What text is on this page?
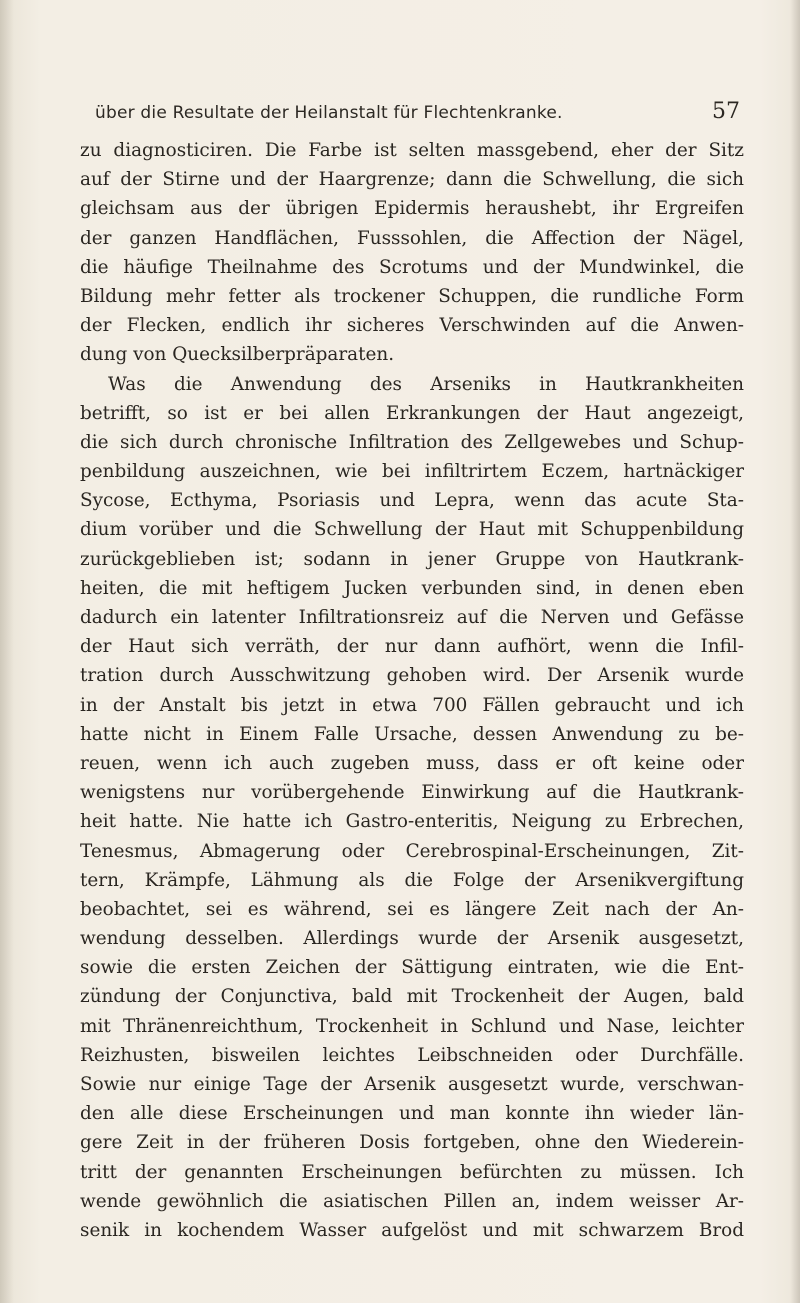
über die Resultate der Heilanstalt für Flechtenkranke.	57
zu diagnosticiren. Die Farbe ist selten massgebend, eher der Sitz
auf der Stirne und der Haargrenze; dann die Schwellung, die sich
gleichsam aus der übrigen Epidermis heraushebt, ihr Ergreifen
der ganzen Handflächen, Fusssohlen, die Affection der Nägel,
die häufige Theilnahme des Scrotums und der Mundwinkel, die
Bildung mehr fetter als trockener Schuppen, die rundliche Form
der Flecken, endlich ihr sicheres Verschwinden auf die Anwen-
dung von Quecksilberpräparaten.
Was die Anwendung des Arseniks in Hautkrankheiten
betrifft, so ist er bei allen Erkrankungen der Haut angezeigt,
die sich durch chronische Infiltration des Zellgewebes und Schup-
penbildung auszeichnen, wie bei infiltrirtem Eczem, hartnäckiger
Sycose, Ecthyma, Psoriasis und Lepra, wenn das acute Sta-
dium vorüber und die Schwellung der Haut mit Schuppenbildung
zurückgeblieben ist; sodann in jener Gruppe von Hautkrank-
heiten, die mit heftigem Jucken verbunden sind, in denen eben
dadurch ein latenter Infiltrationsreiz auf die Nerven und Gefässe
der Haut sich verräth, der nur dann aufhört, wenn die Infil-
tration durch Ausschwitzung gehoben wird. Der Arsenik wurde
in der Anstalt bis jetzt in etwa 700 Fällen gebraucht und ich
hatte nicht in Einem Falle Ursache, dessen Anwendung zu be-
reuen, wenn ich auch zugeben muss, dass er oft keine oder
wenigstens nur vorübergehende Einwirkung auf die Hautkrank-
heit hatte. Nie hatte ich Gastro-enteritis, Neigung zu Erbrechen,
Tenesmus, Abmagerung oder Cerebrospinal-Erscheinungen, Zit-
tern, Krämpfe, Lähmung als die Folge der Arsenikvergiftung
beobachtet, sei es während, sei es längere Zeit nach der An-
wendung desselben. Allerdings wurde der Arsenik ausgesetzt,
sowie die ersten Zeichen der Sättigung eintraten, wie die Ent-
zündung der Conjunctiva, bald mit Trockenheit der Augen, bald
mit Thränenreichthum, Trockenheit in Schlund und Nase, leichter
Reizhusten, bisweilen leichtes Leibschneiden oder Durchfälle.
Sowie nur einige Tage der Arsenik ausgesetzt wurde, verschwan-
den alle diese Erscheinungen und man konnte ihn wieder län-
gere Zeit in der früheren Dosis fortgeben, ohne den Wiederein-
tritt der genannten Erscheinungen befürchten zu müssen. Ich
wende gewöhnlich die asiatischen Pillen an, indem weisser Ar-
senik in kochendem Wasser aufgelöst und mit schwarzem Brod
